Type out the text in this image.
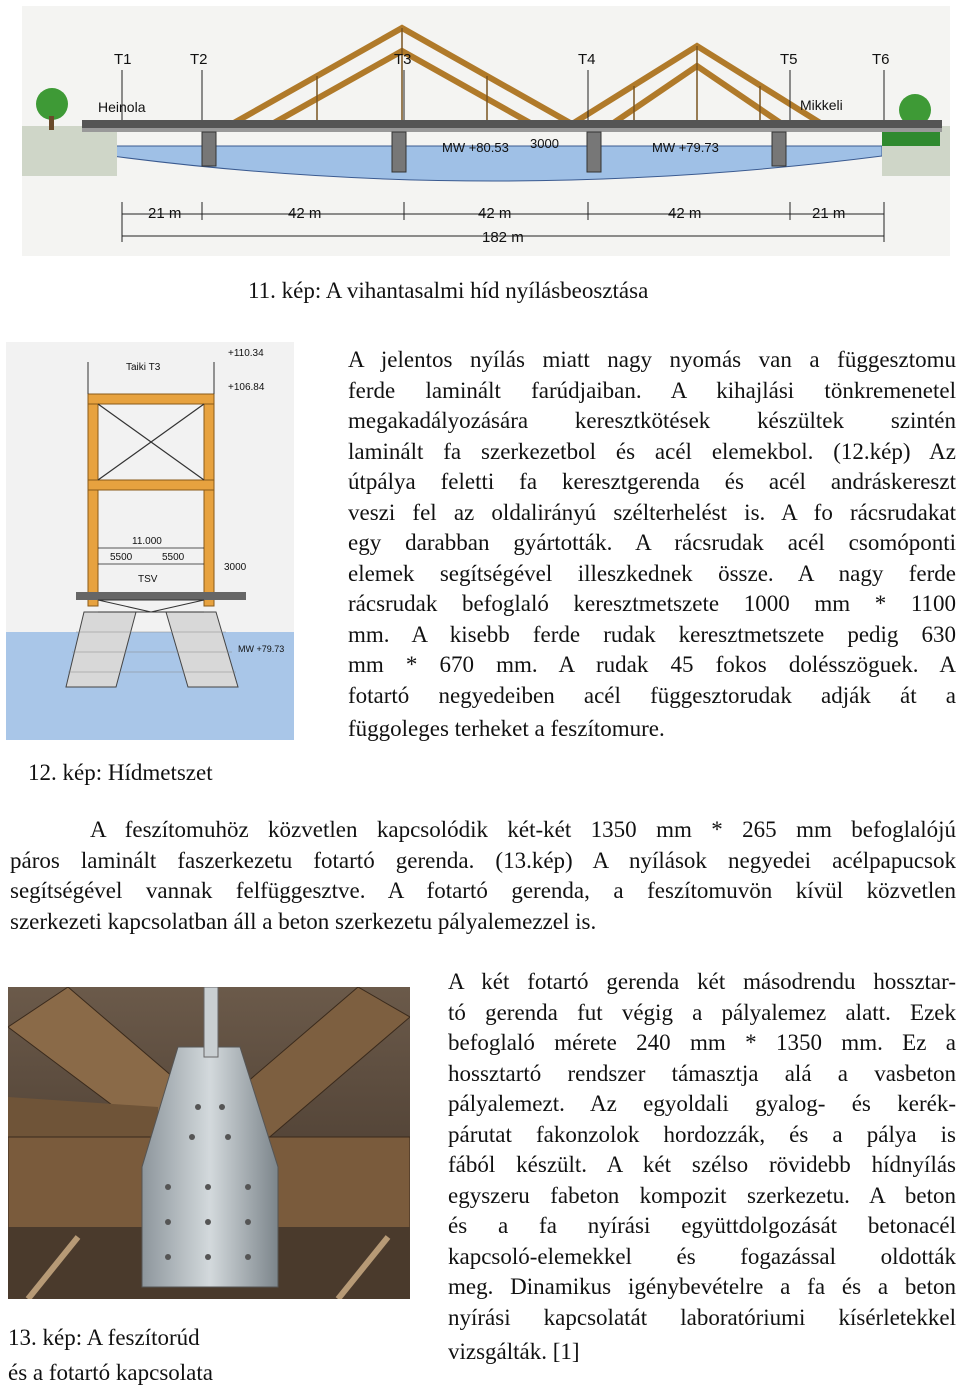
T1	T2	T3	T4	T5	T6
Heinola	Mikkeli
MW +80.53 3000	MW +79.73
21 m	42 m	42 m	42 m	21 m
182 m
11. kép: A vihantasalmi híd nyílásbeosztása
Taiki T3
+110.34
+106.84
11.000
5500	5500
TSV
3000
MW +79.73
12. kép: Hídmetszet
A jelentos nyílás miatt nagy nyomás van a függesztomu
ferde laminált farúdjaiban. A kihajlási tönkremenetel
megakadályozására keresztkötések készültek szintén
laminált fa szerkezetbol és acél elemekbol. (12.kép) Az
útpálya feletti fa keresztgerenda és acél andráskereszt
veszi fel az oldalirányú szélterhelést is. A fo rácsrudakat
egy darabban gyártották. A rácsrudak acél csomóponti
elemek segítségével illeszkednek össze. A nagy ferde
rácsrudak befoglaló keresztmetszete 1000 mm * 1100
mm. A kisebb ferde rudak keresztmetszete pedig 630
mm * 670 mm. A rudak 45 fokos dolésszöguek. A
fotartó negyedeiben acél függesztorudak adják át a
függoleges terheket a feszítomure.
A feszítomuhöz közvetlen kapcsolódik két-két 1350 mm * 265 mm befoglalójú
páros laminált faszerkezetu fotartó gerenda. (13.kép) A nyílások negyedei acélpapucsok
segítségével vannak felfüggesztve. A fotartó gerenda, a feszítomuvön kívül közvetlen
szerkezeti kapcsolatban áll a beton szerkezetu pályalemezzel is.
13. kép: A feszítorúd
és a fotartó kapcsolata
A két fotartó gerenda két másodrendu hossztar-
tó gerenda fut végig a pályalemez alatt. Ezek
befoglaló mérete 240 mm * 1350 mm. Ez a
hossztartó rendszer támasztja alá a vasbeton
pályalemezt. Az egyoldali gyalog- és kerék-
párutat fakonzolok hordozzák, és a pálya is
fából készült. A két szélso rövidebb hídnyílás
egyszeru fabeton kompozit szerkezetu. A beton
és a fa nyírási együttdolgozását betonacél
kapcsoló-elemekkel és fogazással oldották
meg. Dinamikus igénybevételre a fa és a beton
nyírási kapcsolatát laboratóriumi kísérletekkel
vizsgálták. [1]
